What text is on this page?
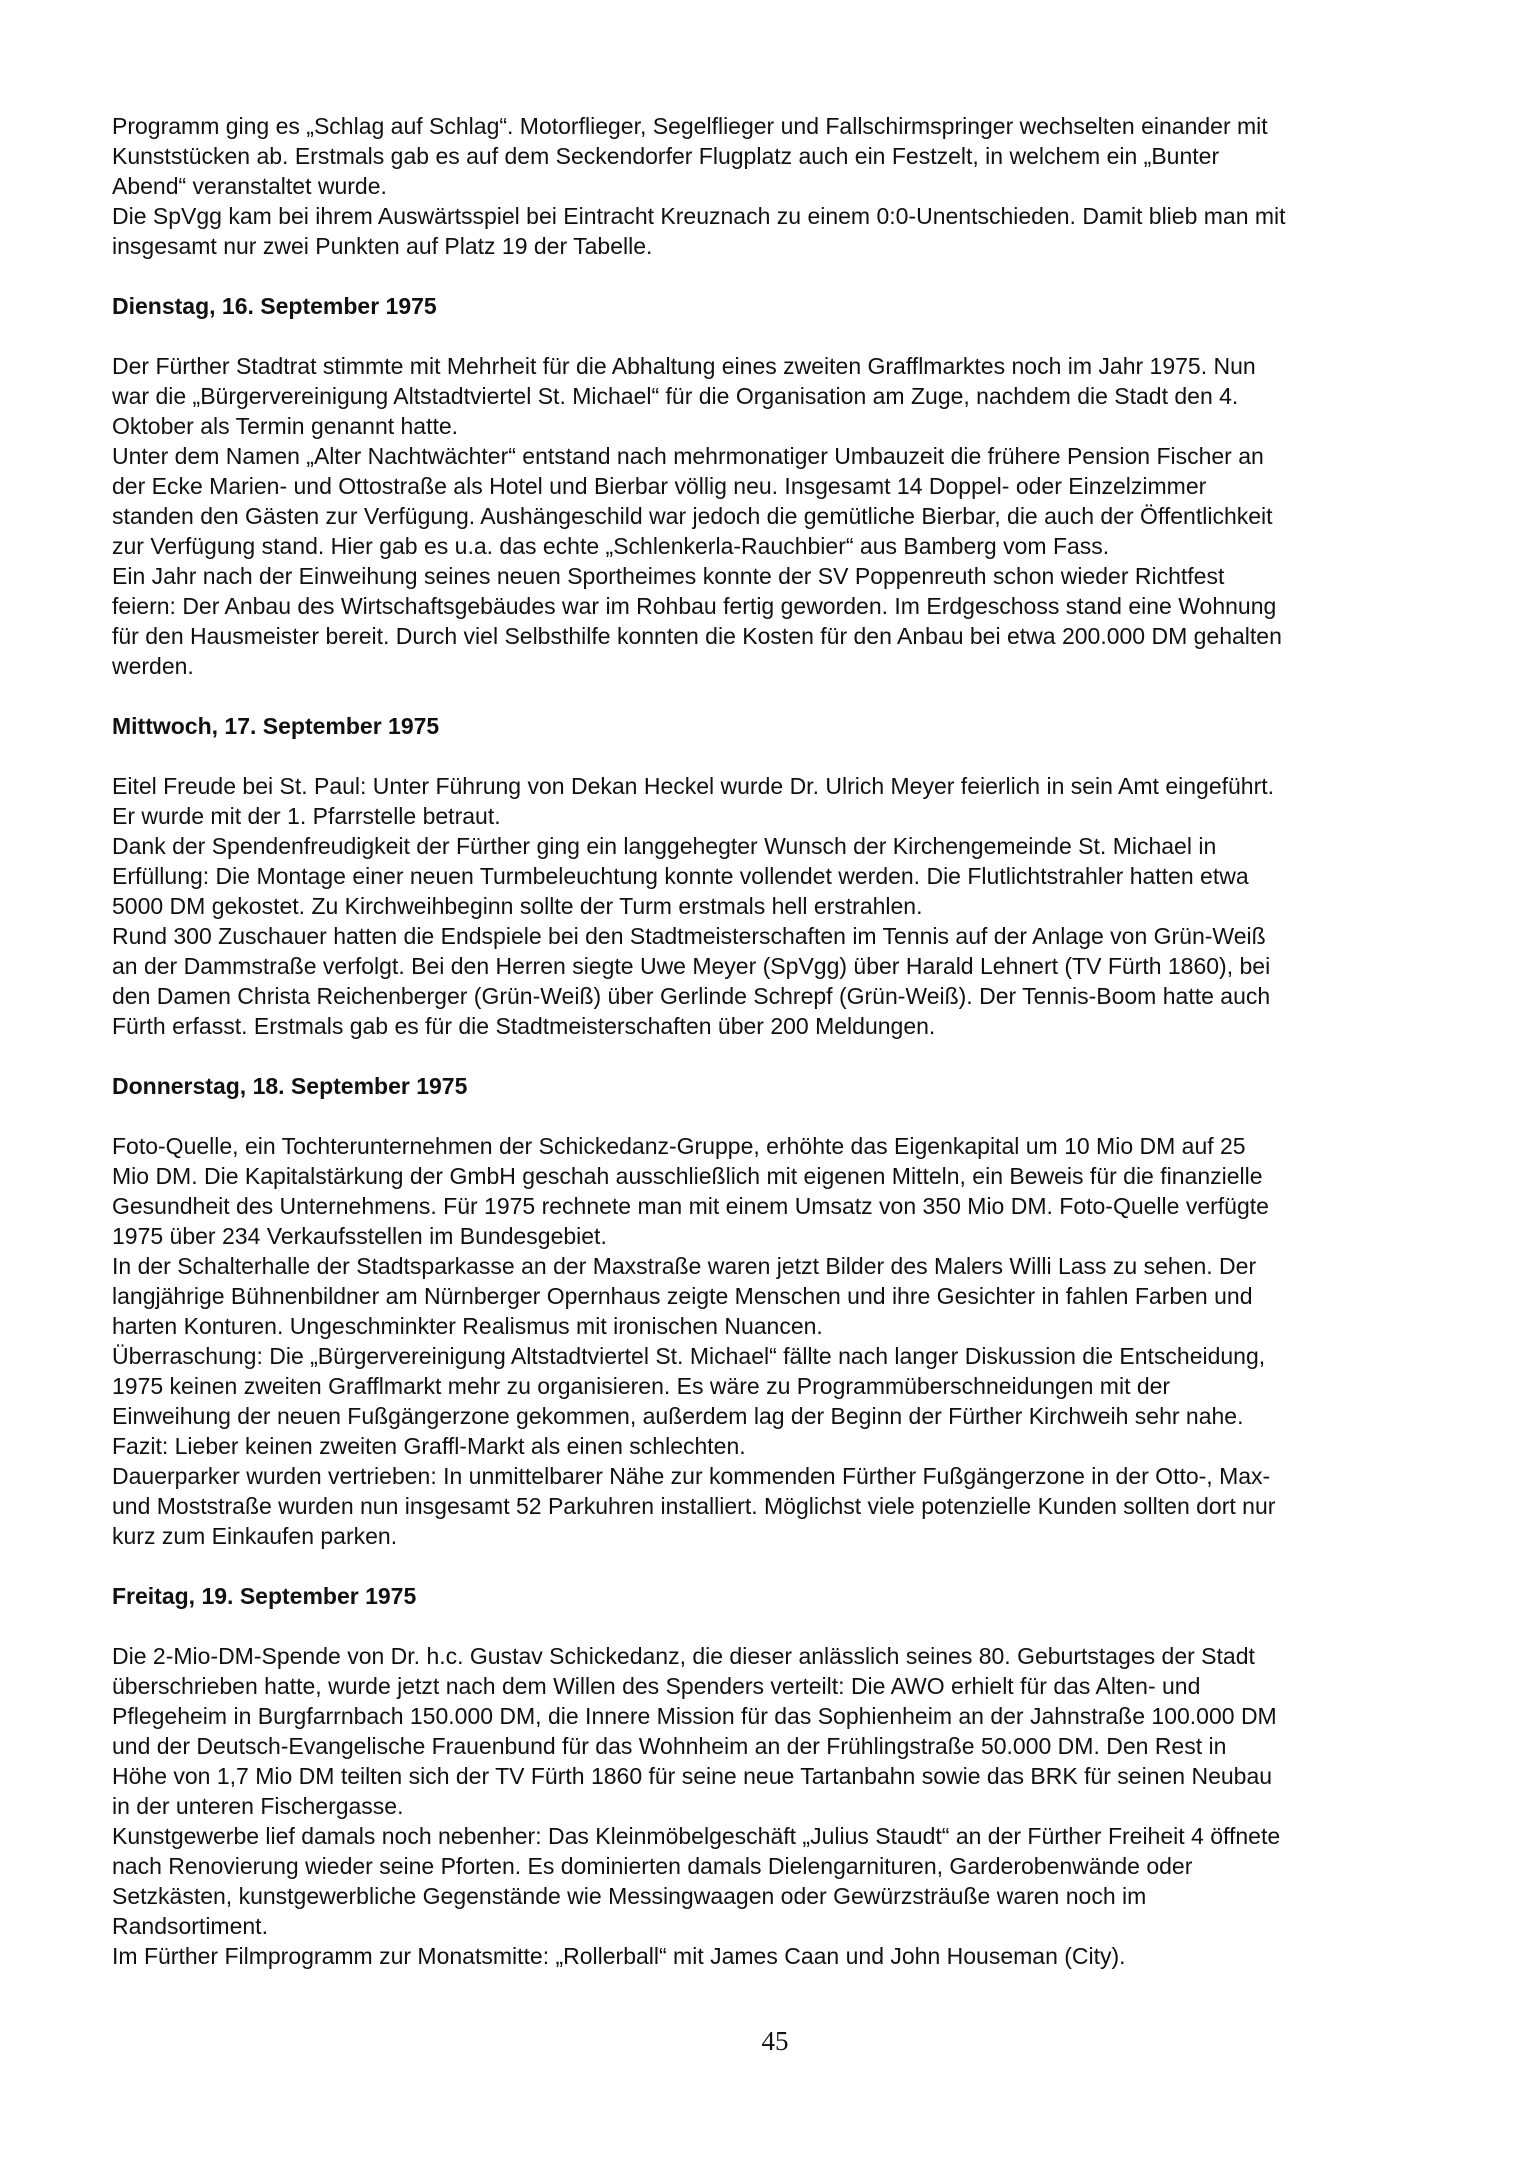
Programm ging es „Schlag auf Schlag“. Motorflieger, Segelflieger und Fallschirmspringer wechselten einander mit
Kunststücken ab. Erstmals gab es auf dem Seckendorfer Flugplatz auch ein Festzelt, in welchem ein „Bunter
Abend“ veranstaltet wurde.
Die SpVgg kam bei ihrem Auswärtsspiel bei Eintracht Kreuznach zu einem 0:0-Unentschieden. Damit blieb man mit
insgesamt nur zwei Punkten auf Platz 19 der Tabelle.
Dienstag, 16. September 1975
Der Fürther Stadtrat stimmte mit Mehrheit für die Abhaltung eines zweiten Grafflmarktes noch im Jahr 1975. Nun
war die „Bürgervereinigung Altstadtviertel St. Michael“ für die Organisation am Zuge, nachdem die Stadt den 4.
Oktober als Termin genannt hatte.
Unter dem Namen „Alter Nachtwächter“ entstand nach mehrmonatiger Umbauzeit die frühere Pension Fischer an
der Ecke Marien- und Ottostraße als Hotel und Bierbar völlig neu. Insgesamt 14 Doppel- oder Einzelzimmer
standen den Gästen zur Verfügung. Aushängeschild war jedoch die gemütliche Bierbar, die auch der Öffentlichkeit
zur Verfügung stand. Hier gab es u.a. das echte „Schlenkerla-Rauchbier“ aus Bamberg vom Fass.
Ein Jahr nach der Einweihung seines neuen Sportheimes konnte der SV Poppenreuth schon wieder Richtfest
feiern: Der Anbau des Wirtschaftsgebäudes war im Rohbau fertig geworden. Im Erdgeschoss stand eine Wohnung
für den Hausmeister bereit. Durch viel Selbsthilfe konnten die Kosten für den Anbau bei etwa 200.000 DM gehalten
werden.
Mittwoch, 17. September 1975
Eitel Freude bei St. Paul: Unter Führung von Dekan Heckel wurde Dr. Ulrich Meyer feierlich in sein Amt eingeführt.
Er wurde mit der 1. Pfarrstelle betraut.
Dank der Spendenfreudigkeit der Fürther ging ein langgehegter Wunsch der Kirchengemeinde St. Michael in
Erfüllung: Die Montage einer neuen Turmbeleuchtung konnte vollendet werden. Die Flutlichtstrahler hatten etwa
5000 DM gekostet. Zu Kirchweihbeginn sollte der Turm erstmals hell erstrahlen.
Rund 300 Zuschauer hatten die Endspiele bei den Stadtmeisterschaften im Tennis auf der Anlage von Grün-Weiß
an der Dammstraße verfolgt. Bei den Herren siegte Uwe Meyer (SpVgg) über Harald Lehnert (TV Fürth 1860), bei
den Damen Christa Reichenberger (Grün-Weiß) über Gerlinde Schrepf (Grün-Weiß). Der Tennis-Boom hatte auch
Fürth erfasst. Erstmals gab es für die Stadtmeisterschaften über 200 Meldungen.
Donnerstag, 18. September 1975
Foto-Quelle, ein Tochterunternehmen der Schickedanz-Gruppe, erhöhte das Eigenkapital um 10 Mio DM auf 25
Mio DM. Die Kapitalstärkung der GmbH geschah ausschließlich mit eigenen Mitteln, ein Beweis für die finanzielle
Gesundheit des Unternehmens. Für 1975 rechnete man mit einem Umsatz von 350 Mio DM. Foto-Quelle verfügte
1975 über 234 Verkaufsstellen im Bundesgebiet.
In der Schalterhalle der Stadtsparkasse an der Maxstraße waren jetzt Bilder des Malers Willi Lass zu sehen. Der
langjährige Bühnenbildner am Nürnberger Opernhaus zeigte Menschen und ihre Gesichter in fahlen Farben und
harten Konturen. Ungeschminkter Realismus mit ironischen Nuancen.
Überraschung: Die „Bürgervereinigung Altstadtviertel St. Michael“ fällte nach langer Diskussion die Entscheidung,
1975 keinen zweiten Grafflmarkt mehr zu organisieren. Es wäre zu Programmüberschneidungen mit der
Einweihung der neuen Fußgängerzone gekommen, außerdem lag der Beginn der Fürther Kirchweih sehr nahe.
Fazit: Lieber keinen zweiten Graffl-Markt als einen schlechten.
Dauerparker wurden vertrieben: In unmittelbarer Nähe zur kommenden Fürther Fußgängerzone in der Otto-, Max-
und Moststraße wurden nun insgesamt 52 Parkuhren installiert. Möglichst viele potenzielle Kunden sollten dort nur
kurz zum Einkaufen parken.
Freitag, 19. September 1975
Die 2-Mio-DM-Spende von Dr. h.c. Gustav Schickedanz, die dieser anlässlich seines 80. Geburtstages der Stadt
überschrieben hatte, wurde jetzt nach dem Willen des Spenders verteilt: Die AWO erhielt für das Alten- und
Pflegeheim in Burgfarrnbach 150.000 DM, die Innere Mission für das Sophienheim an der Jahnstraße 100.000 DM
und der Deutsch-Evangelische Frauenbund für das Wohnheim an der Frühlingstraße 50.000 DM. Den Rest in
Höhe von 1,7 Mio DM teilten sich der TV Fürth 1860 für seine neue Tartanbahn sowie das BRK für seinen Neubau
in der unteren Fischergasse.
Kunstgewerbe lief damals noch nebenher: Das Kleinmöbelgeschäft „Julius Staudt“ an der Fürther Freiheit 4 öffnete
nach Renovierung wieder seine Pforten. Es dominierten damals Dielengarnituren, Garderobenwände oder
Setzkästen, kunstgewerbliche Gegenstände wie Messingwaagen oder Gewürzsträuße waren noch im
Randsortiment.
Im Fürther Filmprogramm zur Monatsmitte: „Rollerball“ mit James Caan und John Houseman (City).
45
